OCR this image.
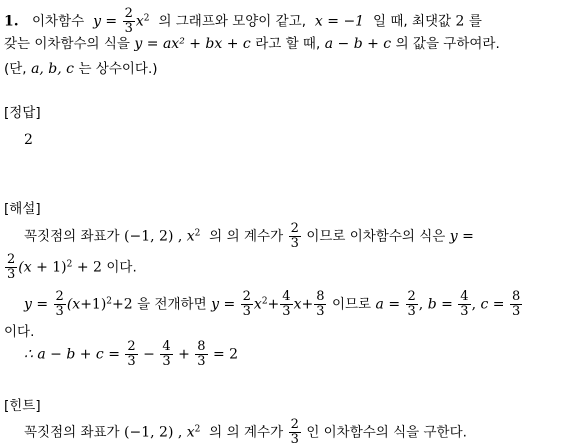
1. 이차함수 $y = \frac{2}{3} x^2$ 의 그래프와 모양이 같고, x = −1 일 때, 최댓값 2 를
갖는 이차함수의 식을 y = ax² + bx + c 라고 할 때, a − b + c 의 값을 구하여라.
(단, a, b, c 는 상수이다.)
[정답]
2
[해설]
꼭짓점의 좌표가 (−1, 2) , $x^2$  의 의 계수가 $\frac{2}{3}$ 이므로 이차함수의 식은 y =
$\frac{2}{3} (x + 1)^2 + 2$ 이다.
$y = \frac{2}{3} (x+1)^2+2$ 을 전개하면 $y = \frac{2}{3} x^2+ \frac{4}{3} x+ \frac{8}{3}$ 이므로 $a = \frac{2}{3}$ , $b = \frac{4}{3}$ , $c = \frac{8}{3}$
이다.
∴ $a - b + c = \frac{2}{3} - \frac{4}{3} + \frac{8}{3} = 2$
[힌트]
꼭짓점의 좌표가 (−1, 2) , $x^2$  의 의 계수가 $\frac{2}{3}$ 인 이차함수의 식을 구한다.
